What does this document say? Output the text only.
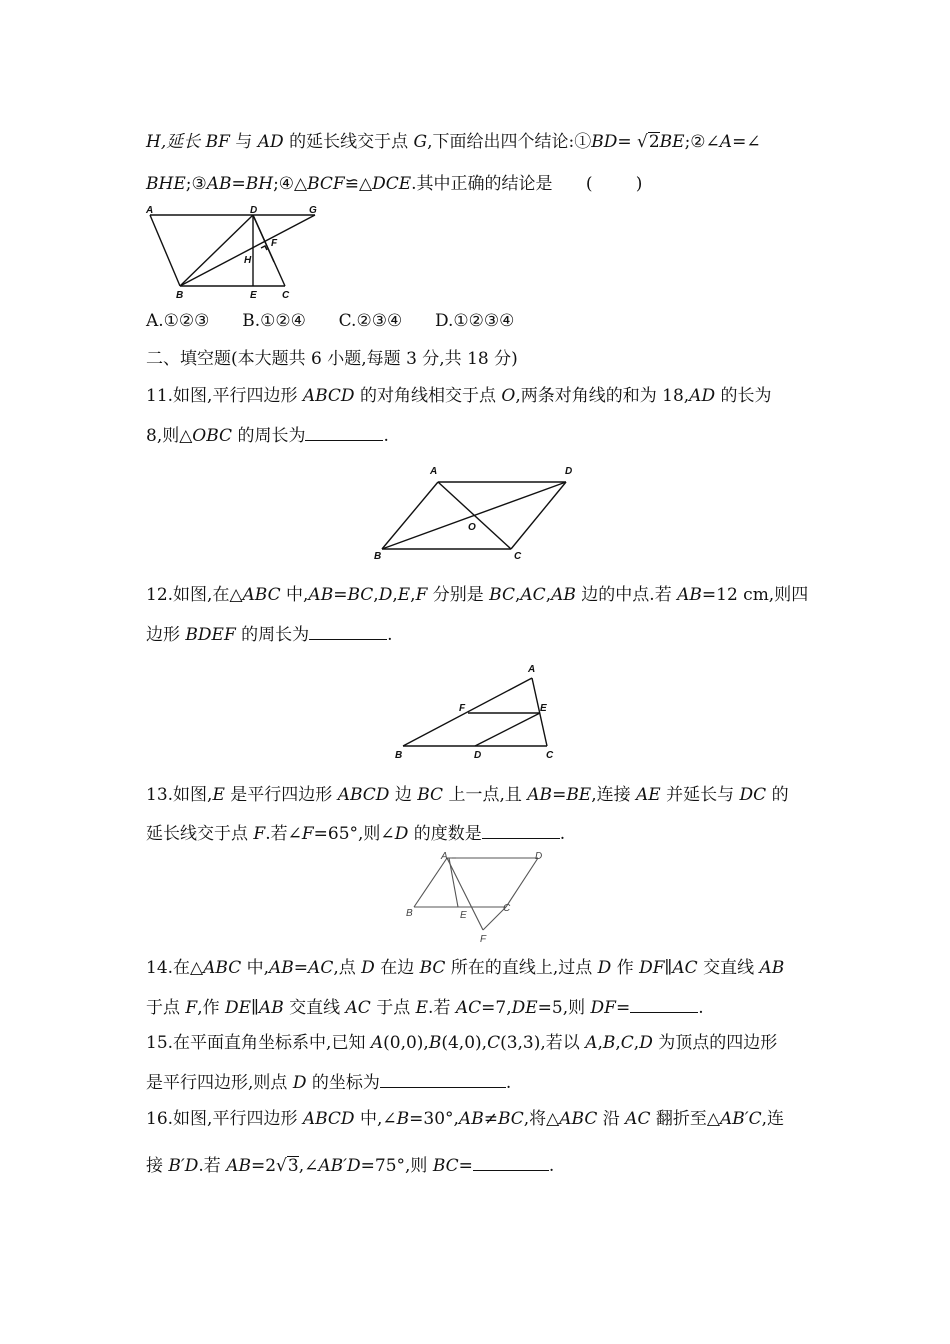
H,延长 BF 与 AD 的延长线交于点 G,下面给出四个结论:①BD= √2BE;②∠A=∠
BHE;③AB=BH;④△BCF≌△DCE.其中正确的结论是 (        )
A	D	G
F
H
B	E	C
A.①②③ B.①②④ C.②③④ D.①②③④
二、填空题(本大题共 6 小题,每题 3 分,共 18 分)
11.如图,平行四边形 ABCD 的对角线相交于点 O,两条对角线的和为 18,AD 的长为
8,则△OBC 的周长为	.
A	D
O
B	C
12.如图,在△ABC 中,AB=BC,D,E,F 分别是 BC,AC,AB 边的中点.若 AB=12 cm,则四
边形 BDEF 的周长为	.
A
F	E
B	D	C
13.如图,E 是平行四边形 ABCD 边 BC 上一点,且 AB=BE,连接 AE 并延长与 DC 的
延长线交于点 F.若∠F=65°,则∠D 的度数是	.
A	D
B	E
C
F
14.在△ABC 中,AB=AC,点 D 在边 BC 所在的直线上,过点 D 作 DF∥AC 交直线 AB
于点 F,作 DE∥AB 交直线 AC 于点 E.若 AC=7,DE=5,则 DF=	.
15.在平面直角坐标系中,已知 A(0,0),B(4,0),C(3,3),若以 A,B,C,D 为顶点的四边形
是平行四边形,则点 D 的坐标为	.
16.如图,平行四边形 ABCD 中,∠B=30°,AB≠BC,将△ABC 沿 AC 翻折至△AB′C,连
接 B′D.若 AB=2√3,∠AB′D=75°,则 BC=	.
